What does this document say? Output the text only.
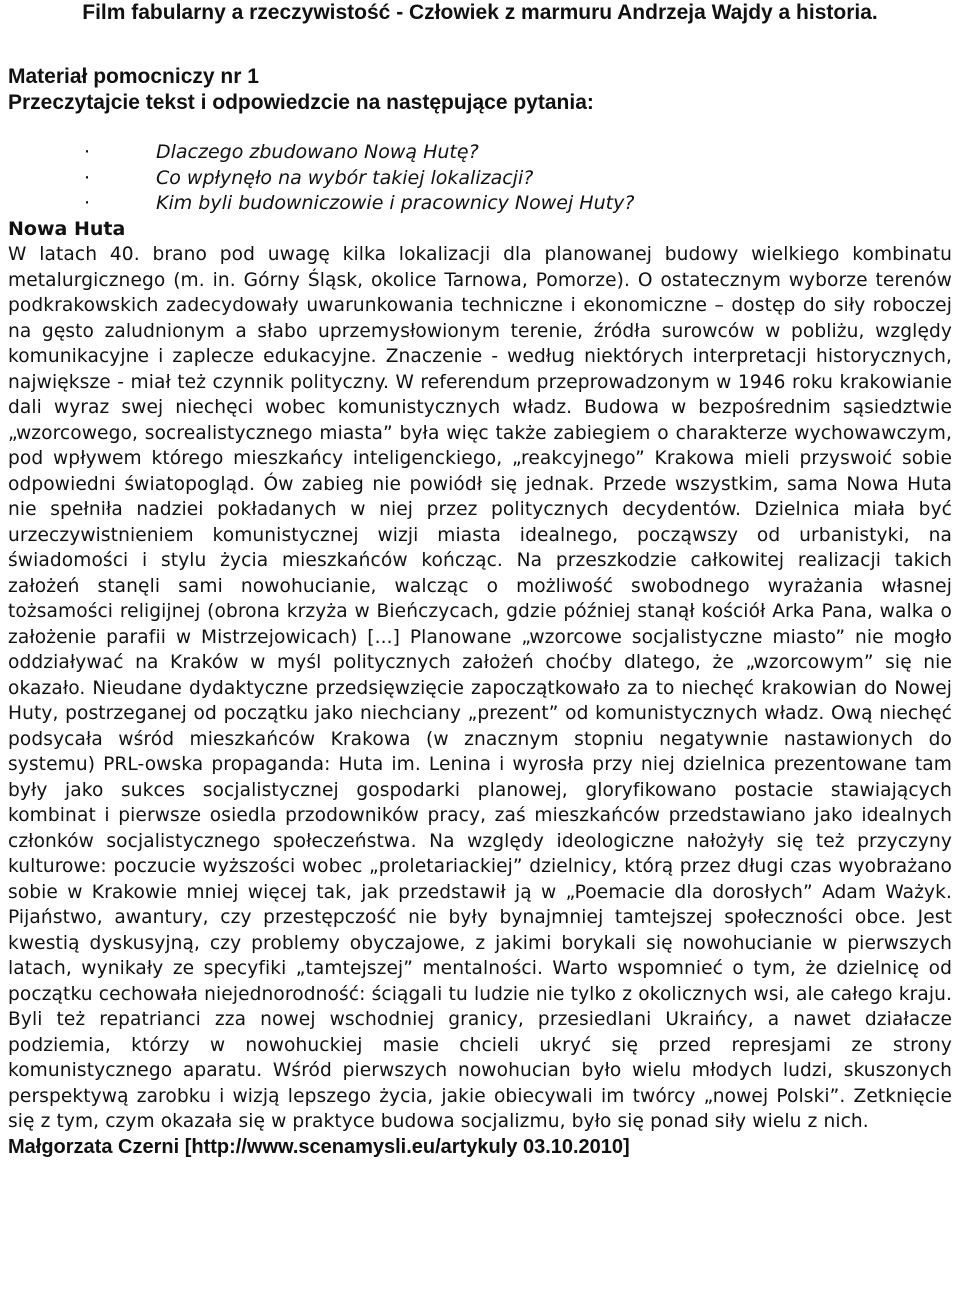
Film fabularny a rzeczywistość - Człowiek z marmuru Andrzeja Wajdy a historia.
Materiał pomocniczy nr 1
Przeczytajcie tekst i odpowiedzcie na następujące pytania:
·	Dlaczego zbudowano Nową Hutę?
·	Co wpłynęło na wybór takiej lokalizacji?
·	Kim byli budowniczowie i pracownicy Nowej Huty?
Nowa Huta

W latach 40. brano pod uwagę kilka lokalizacji dla planowanej budowy wielkiego kombinatu metalurgicznego (m. in. Górny Śląsk, okolice Tarnowa, Pomorze). O ostatecznym wyborze terenów podkrakowskich zadecydowały uwarunkowania techniczne i ekonomiczne – dostęp do siły roboczej na gęsto zaludnionym a słabo uprzemysłowionym terenie, źródła surowców w pobliżu, względy komunikacyjne i zaplecze edukacyjne. Znaczenie - według niektórych interpretacji historycznych, największe - miał też czynnik polityczny. W referendum przeprowadzonym w 1946 roku krakowianie dali wyraz swej niechęci wobec komunistycznych władz. Budowa w bezpośrednim sąsiedztwie „wzorcowego, socrealistycznego miasta” była więc także zabiegiem o charakterze wychowawczym, pod wpływem którego mieszkańcy inteligenckiego, „reakcyjnego” Krakowa mieli przyswoić sobie odpowiedni światopogląd. Ów zabieg nie powiódł się jednak. Przede wszystkim, sama Nowa Huta nie spełniła nadziei pokładanych w niej przez politycznych decydentów. Dzielnica miała być urzeczywistnieniem komunistycznej wizji miasta idealnego, począwszy od urbanistyki, na świadomości i stylu życia mieszkańców kończąc. Na przeszkodzie całkowitej realizacji takich założeń stanęli sami nowohucianie, walcząc o możliwość swobodnego wyrażania własnej tożsamości religijnej (obrona krzyża w Bieńczycach, gdzie później stanął kościół Arka Pana, walka o założenie parafii w Mistrzejowicach) [...] Planowane „wzorcowe socjalistyczne miasto” nie mogło oddziaływać na Kraków w myśl politycznych założeń choćby dlatego, że „wzorcowym” się nie okazało. Nieudane dydaktyczne przedsięwzięcie zapoczątkowało za to niechęć krakowian do Nowej Huty, postrzeganej od początku jako niechciany „prezent” od komunistycznych władz. Ową niechęć podsycała wśród mieszkańców Krakowa (w znacznym stopniu negatywnie nastawionych do systemu) PRL-owska propaganda: Huta im. Lenina i wyrosła przy niej dzielnica prezentowane tam były jako sukces socjalistycznej gospodarki planowej, gloryfikowano postacie stawiających kombinat i pierwsze osiedla przodowników pracy, zaś mieszkańców przedstawiano jako idealnych członków socjalistycznego społeczeństwa. Na względy ideologiczne nałożyły się też przyczyny kulturowe: poczucie wyższości wobec „proletariackiej” dzielnicy, którą przez długi czas wyobrażano sobie w Krakowie mniej więcej tak, jak przedstawił ją w „Poemacie dla dorosłych” Adam Ważyk. Pijaństwo, awantury, czy przestępczość nie były bynajmniej tamtejszej społeczności obce. Jest kwestią dyskusyjną, czy problemy obyczajowe, z jakimi borykali się nowohucianie w pierwszych latach, wynikały ze specyfiki „tamtejszej” mentalności. Warto wspomnieć o tym, że dzielnicę od początku cechowała niejednorodność: ściągali tu ludzie nie tylko z okolicznych wsi, ale całego kraju. Byli też repatrianci zza nowej wschodniej granicy, przesiedlani Ukraińcy, a nawet działacze podziemia, którzy w nowohuckiej masie chcieli ukryć się przed represjami ze strony komunistycznego aparatu. Wśród pierwszych nowohucian było wielu młodych ludzi, skuszonych perspektywą zarobku i wizją lepszego życia, jakie obiecywali im twórcy „nowej Polski”. Zetknięcie się z tym, czym okazała się w praktyce budowa socjalizmu, było się ponad siły wielu z nich.

Małgorzata Czerni [http://www.scenamysli.eu/artykuly 03.10.2010]
